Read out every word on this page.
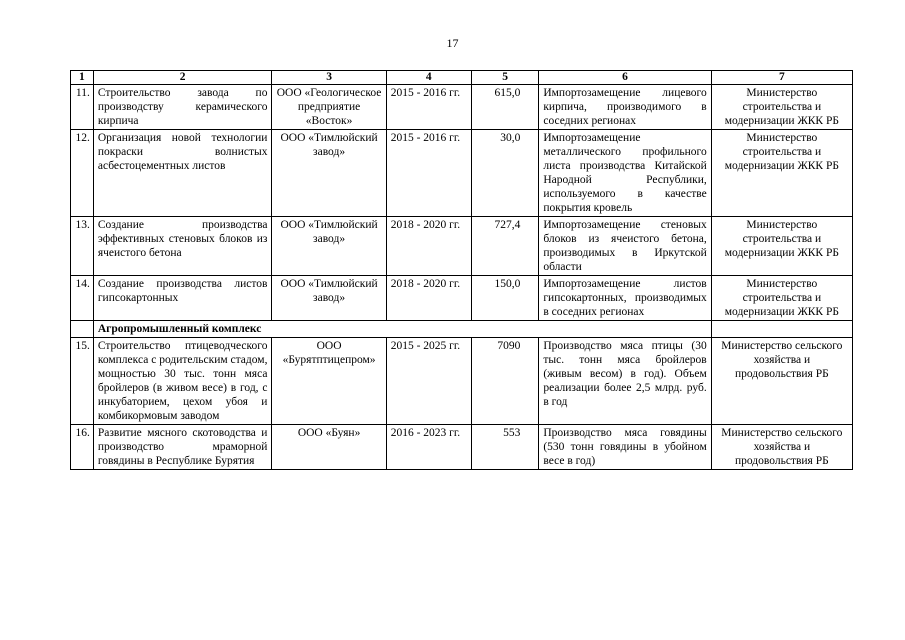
17
1	2	3	4	5	6	7
11.	Строительство завода по производству керамического кирпича	ООО «Геологическое предприятие «Восток»	2015 - 2016 гг.	615,0	Импортозамещение лицевого кирпича, производимого в соседних регионах	Министерство строительства и модернизации ЖКК РБ
12.	Организация новой технологии покраски волнистых асбестоцементных листов	ООО «Тимлюйский завод»	2015 - 2016 гг.	30,0	Импортозамещение металлического профильного листа производства Китайской Народной Республики, используемого в качестве покрытия кровель	Министерство строительства и модернизации ЖКК РБ
13.	Создание производства эффективных стеновых блоков из ячеистого бетона	ООО «Тимлюйский завод»	2018 - 2020 гг.	727,4	Импортозамещение стеновых блоков из ячеистого бетона, производимых в Иркутской области	Министерство строительства и модернизации ЖКК РБ
14.	Создание производства листов гипсокартонных	ООО «Тимлюйский завод»	2018 - 2020 гг.	150,0	Импортозамещение листов гипсокартонных, производимых в соседних регионах	Министерство строительства и модернизации ЖКК РБ
	Агропромышленный комплекс					
15.	Строительство птицеводческого комплекса с родительским стадом, мощностью 30 тыс. тонн мяса бройлеров (в живом весе) в год, с инкубаторием, цехом убоя и комбикормовым заводом	ООО «Бурятптицепром»	2015 - 2025 гг.	7090	Производство мяса птицы (30 тыс. тонн мяса бройлеров (живым весом) в год). Объем реализации более 2,5 млрд. руб. в год	Министерство сельского хозяйства и продовольствия РБ
16.	Развитие мясного скотоводства и производство мраморной говядины в Республике Бурятия	ООО «Буян»	2016 - 2023 гг.	553	Производство мяса говядины (530 тонн говядины в убойном весе в год)	Министерство сельского хозяйства и продовольствия РБ
